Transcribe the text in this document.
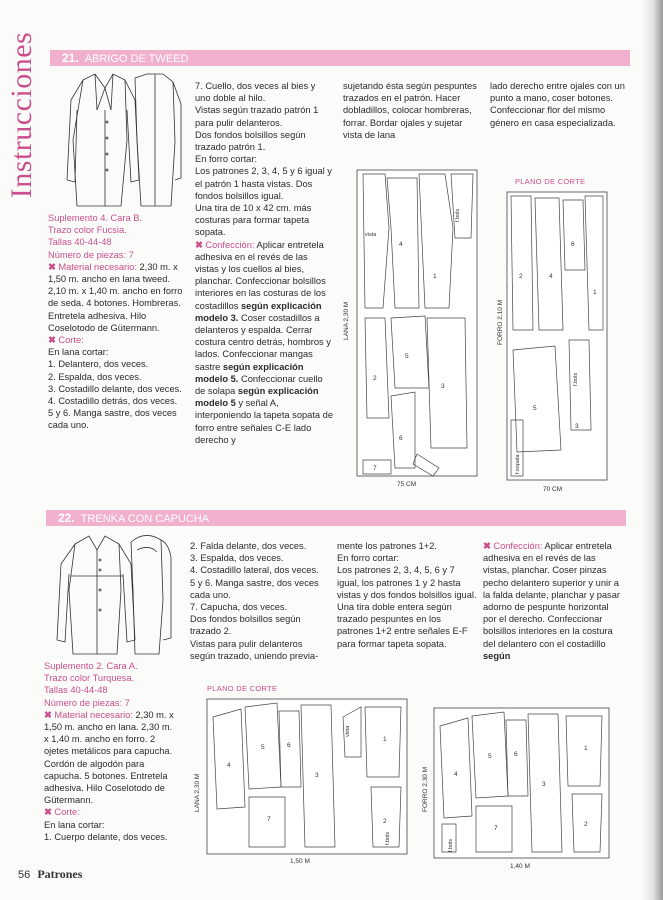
Instrucciones	21. ABRIGO DE TWEED

Suplemento 4. Cara B.

Trazo color Fucsia.

Tallas 40-44-48

Número de piezas: 7

✖ Material necesario: 2,30 m. x 1,50 m. ancho en lana tweed. 2,10 m. x 1,40 m. ancho en forro de seda. 4 botones. Hombreras. Entretela adhesiva. Hilo Coselotodo de Gütermann.

✖ Corte:

En lana cortar:

1. Delantero, dos veces.

2. Espalda, dos veces.

3. Costadillo delante, dos veces.

4. Costadillo detrás, dos veces.

5 y 6. Manga sastre, dos veces cada uno.

7. Cuello, dos veces al bies y uno doble al hilo.

Vistas según trazado patrón 1 para pulir delanteros.

Dos fondos bolsillos según trazado patrón 1.

En forro cortar:

Los patrones 2, 3, 4, 5 y 6 igual y el patrón 1 hasta vistas. Dos fondos bolsillos igual.

Una tira de 10 x 42 cm. más costuras para formar tapeta sopata.

✖ Confección: Aplicar entretela adhesiva en el revés de las vistas y los cuellos al bies, planchar. Confeccionar bolsillos interiores en las costuras de los costadillos según explicación modelo 3. Coser costadillos a delanteros y espalda. Cerrar costura centro detrás, hombros y lados. Confeccionar mangas sastre según explicación modelo 5. Confeccionar cuello de solapa según explicación modelo 5 y señal A, interponiendo la tapeta sopata de forro entre señales C-E lado derecho y

sujetando ésta según pespuntes trazados en el patrón. Hacer dobladillos, colocar hombreras, forrar. Bordar ojales y sujetar vista de lana

lado derecho entre ojales con un punto a mano, coser botones. Confeccionar flor del mismo género en casa especializada.

4
1
5
2
3
6
7
vista
f.bols
LANA 2,30 M
75 CM
PLANO DE CORTE
2	4
6
1
5
3
f.bols
f.sopata
FORRO 2,10 M
70 CM
22. TRENKA CON CAPUCHA

Suplemento 2. Cara A.

Trazo color Turquesa.

Tallas 40-44-48

Número de piezas: 7

✖ Material necesario: 2,30 m. x 1,50 m. ancho en lana. 2,30 m. x 1,40 m. ancho en forro. 2 ojetes metálicos para capucha. Cordón de algodón para capucha. 5 botones. Entretela adhesiva. Hilo Coselotodo de Gütermann.

✖ Corte:

En lana cortar:

1. Cuerpo delante, dos veces.

2. Falda delante, dos veces.

3. Espalda, dos veces.

4. Costadillo lateral, dos veces.

5 y 6. Manga sastre, dos veces cada uno.

7. Capucha, dos veces.

Dos fondos bolsillos según trazado 2.

Vistas para pulir delanteros según trazado, uniendo previa-

mente los patrones 1+2.

En forro cortar:

Los patrones 2, 3, 4, 5, 6 y 7 igual, los patrones 1 y 2 hasta vistas y dos fondos bolsillos igual.

Una tira doble entera según trazado pespuntes en los patrones 1+2 entre señales E-F para formar tapeta sopata.

✖ Confección: Aplicar entretela adhesiva en el revés de las vistas, planchar. Coser pinzas pecho delantero superior y unir a la falda delante, planchar y pasar adorno de pespunte horizontal por el derecho. Confeccionar bolsillos interiores en la costura del delantero con el costadillo según

PLANO DE CORTE
4
5	6
3
1
2
7
vista
f.bols
LANA 2,30 M
1,50 M
4
5	6
3
1
2
7
f.bols
FORRO 2,30 M
1,40 M
56 Patrones
